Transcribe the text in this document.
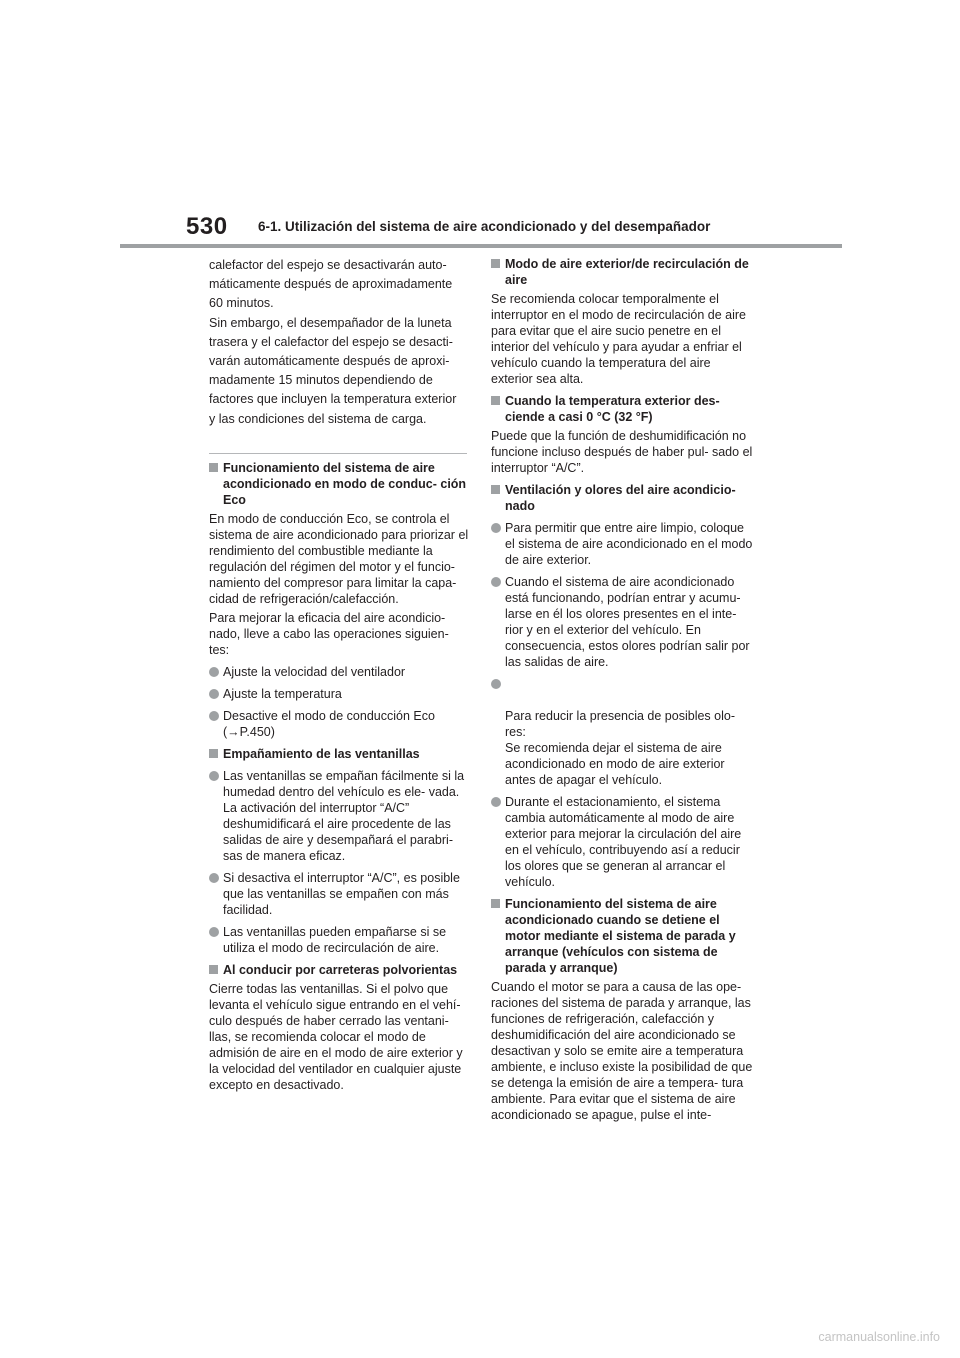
530 6-1. Utilización del sistema de aire acondicionado y del desempañador

calefactor del espejo se desactivarán auto-

máticamente después de aproximadamente

60 minutos.

Sin embargo, el desempañador de la luneta

trasera y el calefactor del espejo se desacti-

varán automáticamente después de aproxi-

madamente 15 minutos dependiendo de

factores que incluyen la temperatura exterior

y las condiciones del sistema de carga.

Funcionamiento del sistema de aire acondicionado en modo de conduc- ción Eco

En modo de conducción Eco, se controla el sistema de aire acondicionado para priorizar el rendimiento del combustible mediante la regulación del régimen del motor y el funcio- namiento del compresor para limitar la capa- cidad de refrigeración/calefacción.

Para mejorar la eficacia del aire acondicio- nado, lleve a cabo las operaciones siguien- tes:

Ajuste la velocidad del ventilador
Ajuste la temperatura
Desactive el modo de conducción Eco (→P.450)
Empañamiento de las ventanillas
Las ventanillas se empañan fácilmente si la humedad dentro del vehículo es ele- vada. La activación del interruptor “A/C” deshumidificará el aire procedente de las salidas de aire y desempañará el parabri- sas de manera eficaz.
Si desactiva el interruptor “A/C”, es posible que las ventanillas se empañen con más facilidad.
Las ventanillas pueden empañarse si se utiliza el modo de recirculación de aire.
Al conducir por carreteras polvorientas

Cierre todas las ventanillas. Si el polvo que levanta el vehículo sigue entrando en el vehí- culo después de haber cerrado las ventani- llas, se recomienda colocar el modo de admisión de aire en el modo de aire exterior y la velocidad del ventilador en cualquier ajuste excepto en desactivado.

Modo de aire exterior/de recirculación de aire

Se recomienda colocar temporalmente el interruptor en el modo de recirculación de aire para evitar que el aire sucio penetre en el interior del vehículo y para ayudar a enfriar el vehículo cuando la temperatura del aire exterior sea alta.

Cuando la temperatura exterior des- ciende a casi 0 °C (32 °F)

Puede que la función de deshumidificación no funcione incluso después de haber pul- sado el interruptor “A/C”.

Ventilación y olores del aire acondicio- nado
Para permitir que entre aire limpio, coloque el sistema de aire acondicionado en el modo de aire exterior.
Cuando el sistema de aire acondicionado está funcionando, podrían entrar y acumu- larse en él los olores presentes en el inte- rior y en el exterior del vehículo. En consecuencia, estos olores podrían salir por las salidas de aire.

Para reducir la presencia de posibles olo- res:
Se recomienda dejar el sistema de aire acondicionado en modo de aire exterior antes de apagar el vehículo.

Durante el estacionamiento, el sistema cambia automáticamente al modo de aire exterior para mejorar la circulación del aire en el vehículo, contribuyendo así a reducir los olores que se generan al arrancar el vehículo.
Funcionamiento del sistema de aire acondicionado cuando se detiene el motor mediante el sistema de parada y arranque (vehículos con sistema de parada y arranque)

Cuando el motor se para a causa de las ope- raciones del sistema de parada y arranque, las funciones de refrigeración, calefacción y deshumidificación del aire acondicionado se desactivan y solo se emite aire a temperatura ambiente, e incluso existe la posibilidad de que se detenga la emisión de aire a tempera- tura ambiente. Para evitar que el sistema de aire acondicionado se apague, pulse el inte-

carmanualsonline.info
